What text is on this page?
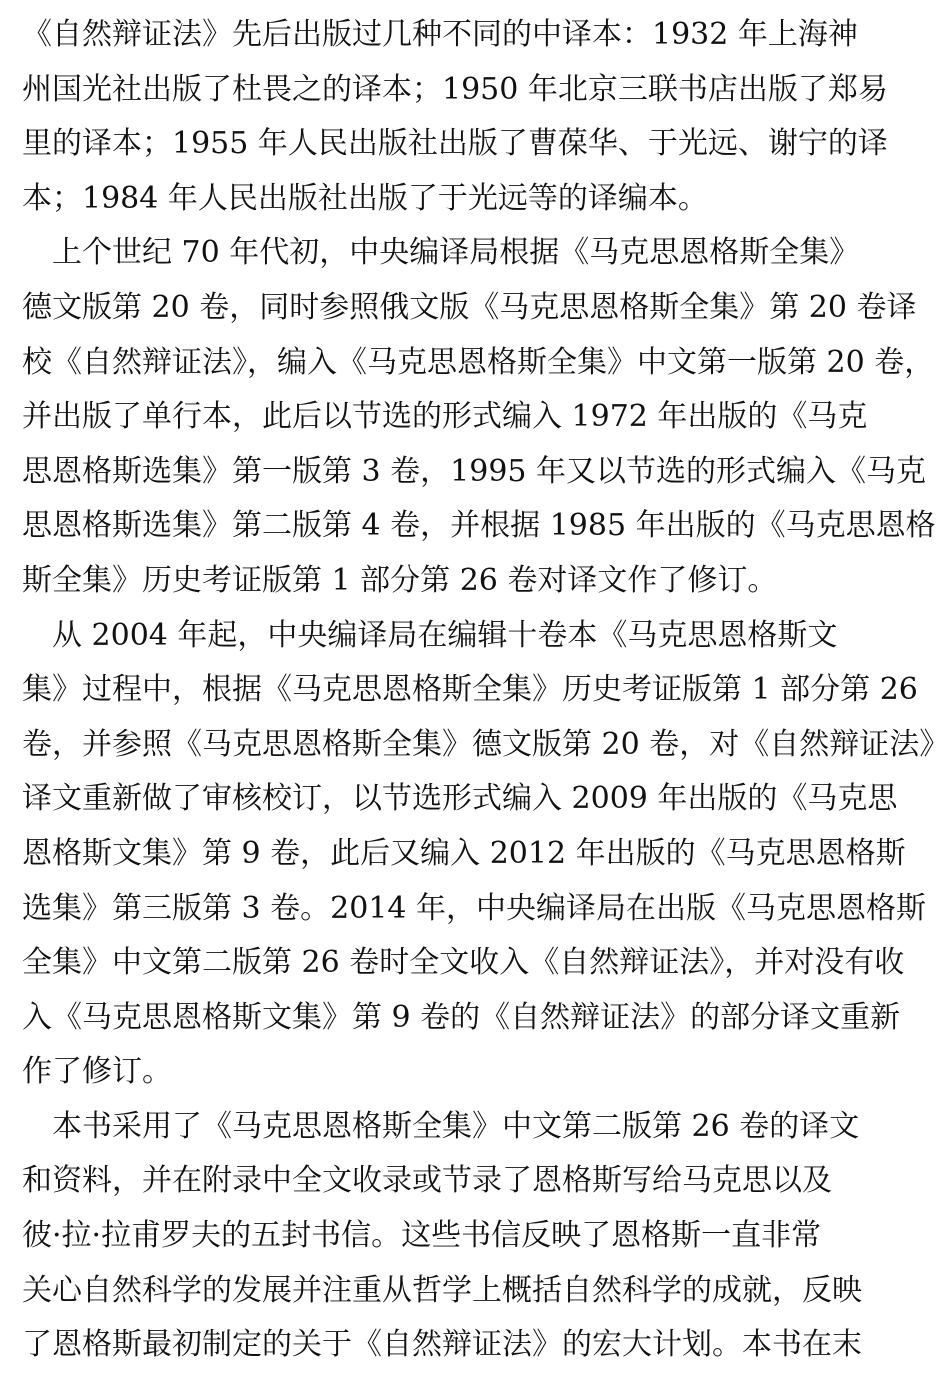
《自然辩证法》先后出版过几种不同的中译本：1932 年上海神
州国光社出版了杜畏之的译本；1950 年北京三联书店出版了郑易
里的译本；1955 年人民出版社出版了曹葆华、于光远、谢宁的译
本；1984 年人民出版社出版了于光远等的译编本。
　上个世纪 70 年代初，中央编译局根据《马克思恩格斯全集》
德文版第 20 卷，同时参照俄文版《马克思恩格斯全集》第 20 卷译
校《自然辩证法》，编入《马克思恩格斯全集》中文第一版第 20 卷，
并出版了单行本，此后以节选的形式编入 1972 年出版的《马克
思恩格斯选集》第一版第 3 卷，1995 年又以节选的形式编入《马克
思恩格斯选集》第二版第 4 卷，并根据 1985 年出版的《马克思恩格
斯全集》历史考证版第 1 部分第 26 卷对译文作了修订。
　从 2004 年起，中央编译局在编辑十卷本《马克思恩格斯文
集》过程中，根据《马克思恩格斯全集》历史考证版第 1 部分第 26
卷，并参照《马克思恩格斯全集》德文版第 20 卷，对《自然辩证法》
译文重新做了审核校订，以节选形式编入 2009 年出版的《马克思
恩格斯文集》第 9 卷，此后又编入 2012 年出版的《马克思恩格斯
选集》第三版第 3 卷。2014 年，中央编译局在出版《马克思恩格斯
全集》中文第二版第 26 卷时全文收入《自然辩证法》，并对没有收
入《马克思恩格斯文集》第 9 卷的《自然辩证法》的部分译文重新
作了修订。
　本书采用了《马克思恩格斯全集》中文第二版第 26 卷的译文
和资料，并在附录中全文收录或节录了恩格斯写给马克思以及
彼·拉·拉甫罗夫的五封书信。这些书信反映了恩格斯一直非常
关心自然科学的发展并注重从哲学上概括自然科学的成就，反映
了恩格斯最初制定的关于《自然辩证法》的宏大计划。本书在末
